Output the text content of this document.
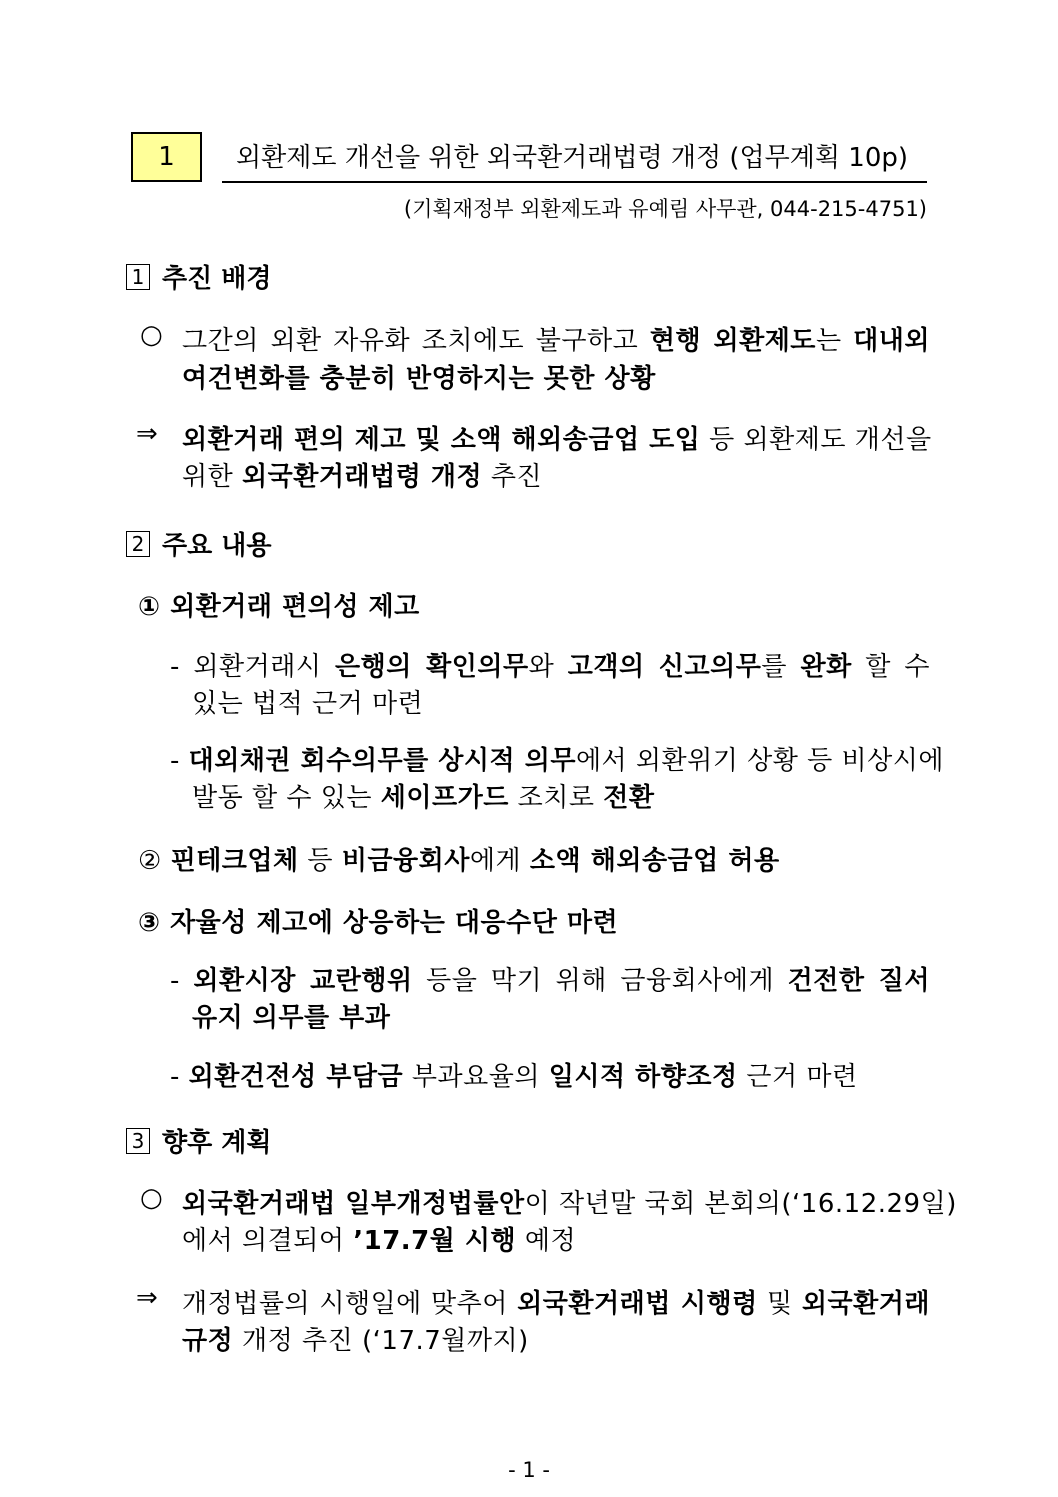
1 외환제도 개선을 위한 외국환거래법령 개정 (업무계획 10p)
(기획재정부 외환제도과 유예림 사무관, 044-215-4751)
1 추진 배경
○ 그간의 외환 자유화 조치에도 불구하고 현행 외환제도는 대내외
여건변화를 충분히 반영하지는 못한 상황
⇒ 외환거래 편의 제고 및 소액 해외송금업 도입 등 외환제도 개선을
위한 외국환거래법령 개정 추진
2 주요 내용
① 외환거래 편의성 제고
- 외환거래시 은행의 확인의무와 고객의 신고의무를 완화 할 수
있는 법적 근거 마련
- 대외채권 회수의무를 상시적 의무에서 외환위기 상황 등 비상시에
발동 할 수 있는 세이프가드 조치로 전환
② 핀테크업체 등 비금융회사에게 소액 해외송금업 허용
③ 자율성 제고에 상응하는 대응수단 마련
- 외환시장 교란행위 등을 막기 위해 금융회사에게 건전한 질서
유지 의무를 부과
- 외환건전성 부담금 부과요율의 일시적 하향조정 근거 마련
3 향후 계획
○ 외국환거래법 일부개정법률안이 작년말 국회 본회의(‘16.12.29일)
에서 의결되어 ’17.7월 시행 예정
⇒ 개정법률의 시행일에 맞추어 외국환거래법 시행령 및 외국환거래
규정 개정 추진 (‘17.7월까지)
- 1 -
